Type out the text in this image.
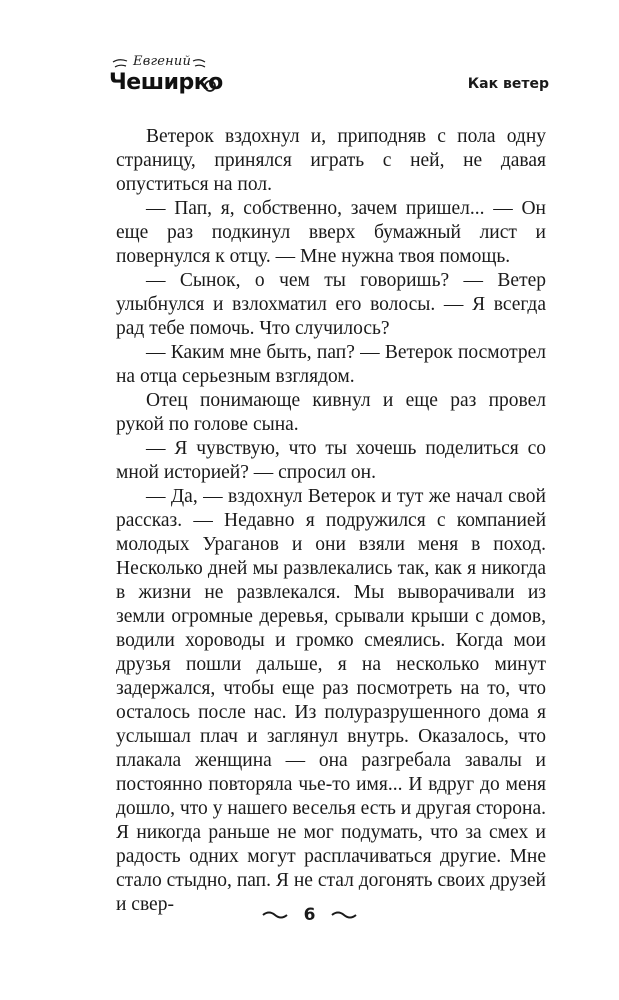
Евгений
Чеширко	Как ветер

Ветерок вздохнул и, приподняв с пола одну страницу, принялся играть с ней, не давая опуститься на пол.

— Пап, я, собственно, зачем пришел... — Он еще раз подкинул вверх бумажный лист и повернулся к отцу. — Мне нужна твоя помощь.

— Сынок, о чем ты говоришь? — Ветер улыбнулся и взлохматил его волосы. — Я всегда рад тебе помочь. Что случилось?

— Каким мне быть, пап? — Ветерок посмотрел на отца серьезным взглядом.

Отец понимающе кивнул и еще раз провел рукой по голове сына.

— Я чувствую, что ты хочешь поделиться со мной историей? — спросил он.

— Да, — вздохнул Ветерок и тут же начал свой рассказ. — Недавно я подружился с компанией молодых Ураганов и они взяли меня в поход. Несколько дней мы развлекались так, как я никогда в жизни не развлекался. Мы выворачивали из земли огромные деревья, срывали крыши с домов, водили хороводы и громко смеялись. Когда мои друзья пошли дальше, я на несколько минут задержался, чтобы еще раз посмотреть на то, что осталось после нас. Из полуразрушенного дома я услышал плач и заглянул внутрь. Оказалось, что плакала женщина — она разгребала завалы и постоянно повторяла чье-то имя... И вдруг до меня дошло, что у нашего веселья есть и другая сторона. Я никогда раньше не мог подумать, что за смех и радость одних могут расплачиваться другие. Мне стало стыдно, пап. Я не стал догонять своих друзей и свер-	6
